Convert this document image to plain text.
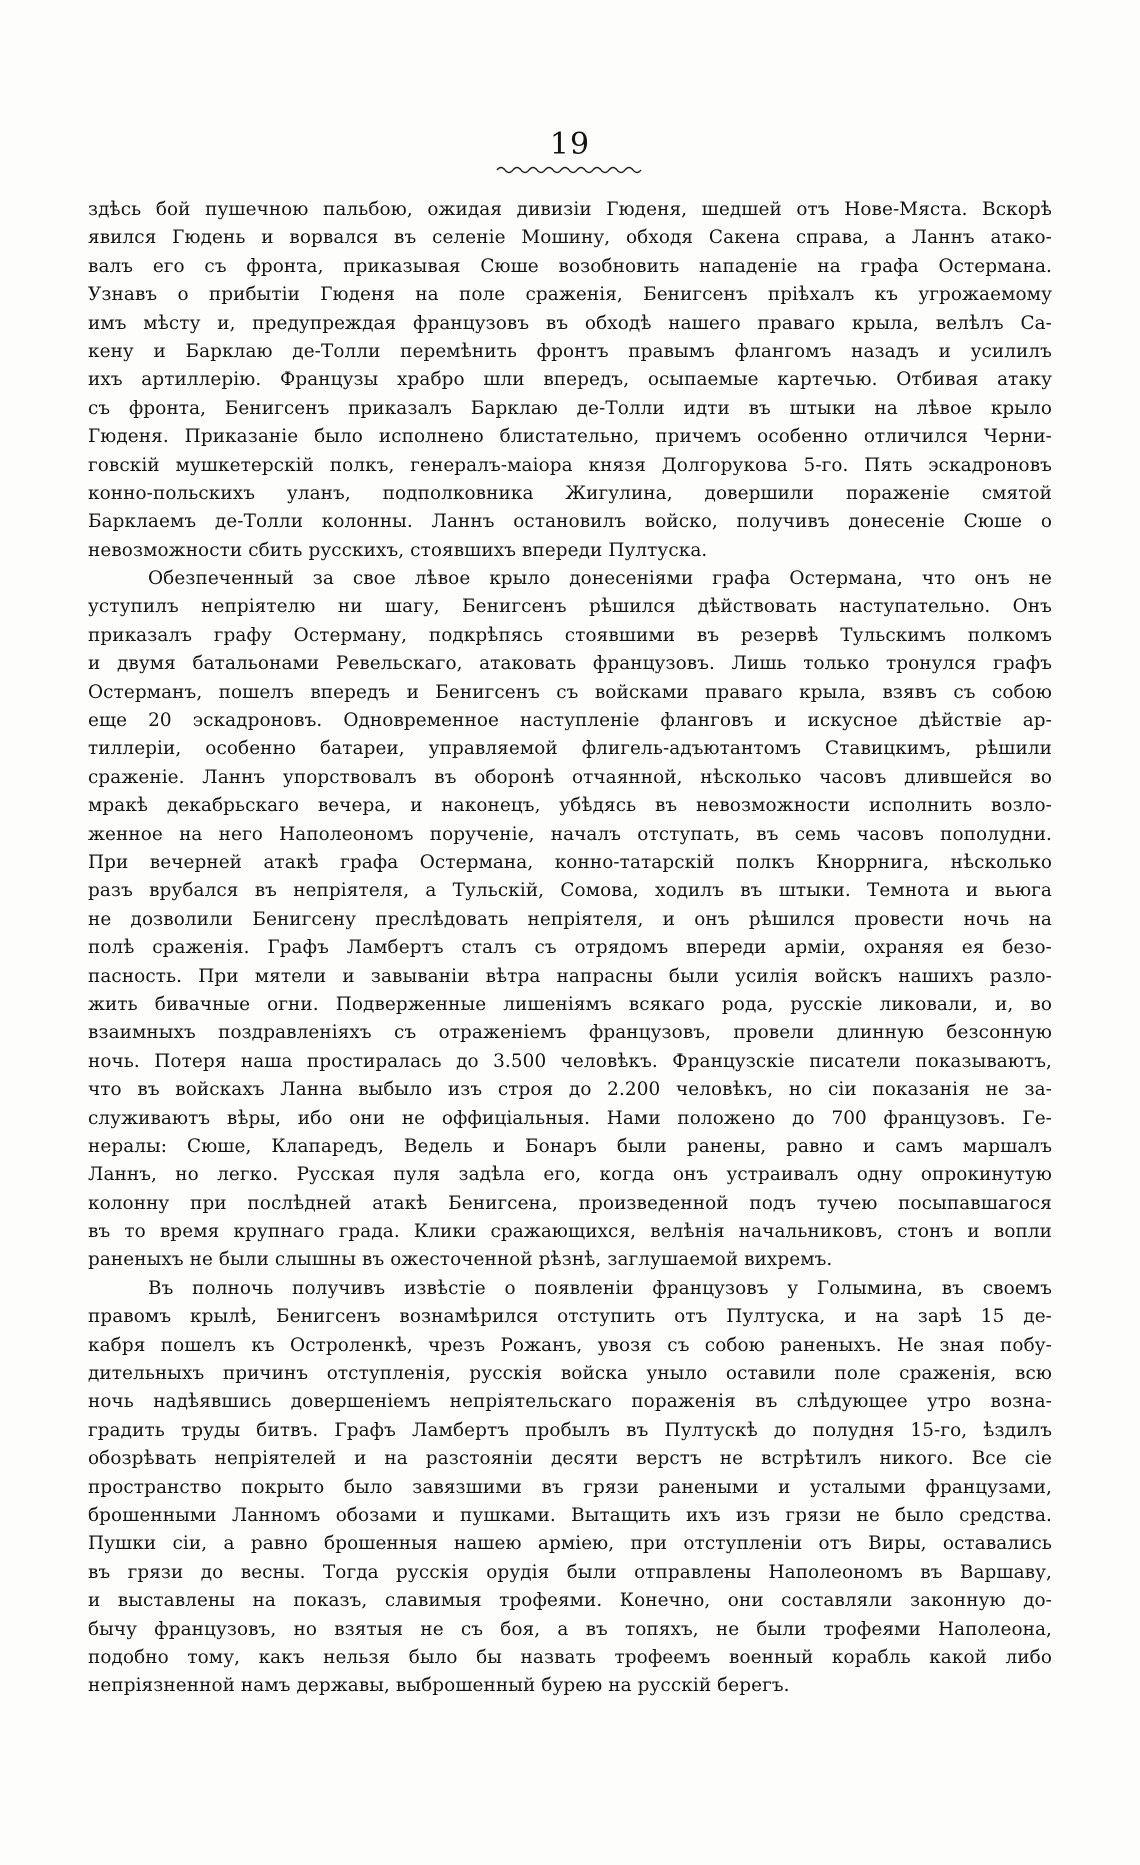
19
здѣсь бой пушечною пальбою, ожидая дивизіи Гюденя, шедшей отъ Нове-Мяста. Вскорѣ
явился Гюдень и ворвался въ селеніе Мошину, обходя Сакена справа, а Ланнъ атако-
валъ его съ фронта, приказывая Сюше возобновить нападеніе на графа Остермана.
Узнавъ о прибытіи Гюденя на поле сраженія, Бенигсенъ пріѣхалъ къ угрожаемому
имъ мѣсту и, предупреждая французовъ въ обходѣ нашего праваго крыла, велѣлъ Са-
кену и Барклаю де-Толли перемѣнить фронтъ правымъ флангомъ назадъ и усилилъ
ихъ артиллерію. Французы храбро шли впередъ, осыпаемые картечью. Отбивая атаку
съ фронта, Бенигсенъ приказалъ Барклаю де-Толли идти въ штыки на лѣвое крыло
Гюденя. Приказаніе было исполнено блистательно, причемъ особенно отличился Черни-
говскій мушкетерскій полкъ, генералъ-маіора князя Долгорукова 5-го. Пять эскадроновъ
конно-польскихъ уланъ, подполковника Жигулина, довершили пораженіе смятой
Барклаемъ де-Толли колонны. Ланнъ остановилъ войско, получивъ донесеніе Сюше о
невозможности сбить русскихъ, стоявшихъ впереди Пултуска.
Обезпеченный за свое лѣвое крыло донесеніями графа Остермана, что онъ не
уступилъ непріятелю ни шагу, Бенигсенъ рѣшился дѣйствовать наступательно. Онъ
приказалъ графу Остерману, подкрѣпясь стоявшими въ резервѣ Тульскимъ полкомъ
и двумя батальонами Ревельскаго, атаковать французовъ. Лишь только тронулся графъ
Остерманъ, пошелъ впередъ и Бенигсенъ съ войсками праваго крыла, взявъ съ собою
еще 20 эскадроновъ. Одновременное наступленіе фланговъ и искусное дѣйствіе ар-
тиллеріи, особенно батареи, управляемой флигель-адъютантомъ Ставицкимъ, рѣшили
сраженіе. Ланнъ упорствовалъ въ оборонѣ отчаянной, нѣсколько часовъ длившейся во
мракѣ декабрьскаго вечера, и наконецъ, убѣдясь въ невозможности исполнить возло-
женное на него Наполеономъ порученіе, началъ отступать, въ семь часовъ пополудни.
При вечерней атакѣ графа Остермана, конно-татарскій полкъ Кноррнига, нѣсколько
разъ врубался въ непріятеля, а Тульскій, Сомова, ходилъ въ штыки. Темнота и вьюга
не дозволили Бенигсену преслѣдовать непріятеля, и онъ рѣшился провести ночь на
полѣ сраженія. Графъ Ламбертъ сталъ съ отрядомъ впереди арміи, охраняя ея безо-
пасность. При мятели и завываніи вѣтра напрасны были усилія войскъ нашихъ разло-
жить бивачные огни. Подверженные лишеніямъ всякаго рода, русскіе ликовали, и, во
взаимныхъ поздравленіяхъ съ отраженіемъ французовъ, провели длинную безсонную
ночь. Потеря наша простиралась до 3.500 человѣкъ. Французскіе писатели показываютъ,
что въ войскахъ Ланна выбыло изъ строя до 2.200 человѣкъ, но сіи показанія не за-
служиваютъ вѣры, ибо они не оффиціальныя. Нами положено до 700 французовъ. Ге-
нералы: Сюше, Клапаредъ, Ведель и Бонаръ были ранены, равно и самъ маршалъ
Ланнъ, но легко. Русская пуля задѣла его, когда онъ устраивалъ одну опрокинутую
колонну при послѣдней атакѣ Бенигсена, произведенной подъ тучею посыпавшагося
въ то время крупнаго града. Клики сражающихся, велѣнія начальниковъ, стонъ и вопли
раненыхъ не были слышны въ ожесточенной рѣзнѣ, заглушаемой вихремъ.
Въ полночь получивъ извѣстіе о появленіи французовъ у Голымина, въ своемъ
правомъ крылѣ, Бенигсенъ вознамѣрился отступить отъ Пултуска, и на зарѣ 15 де-
кабря пошелъ къ Остроленкѣ, чрезъ Рожанъ, увозя съ собою раненыхъ. Не зная побу-
дительныхъ причинъ отступленія, русскія войска уныло оставили поле сраженія, всю
ночь надѣявшись довершеніемъ непріятельскаго пораженія въ слѣдующее утро возна-
градить труды битвъ. Графъ Ламбертъ пробылъ въ Пултускѣ до полудня 15-го, ѣздилъ
обозрѣвать непріятелей и на разстояніи десяти верстъ не встрѣтилъ никого. Все сіе
пространство покрыто было завязшими въ грязи ранеными и усталыми французами,
брошенными Ланномъ обозами и пушками. Вытащить ихъ изъ грязи не было средства.
Пушки сіи, а равно брошенныя нашею арміею, при отступленіи отъ Виры, оставались
въ грязи до весны. Тогда русскія орудія были отправлены Наполеономъ въ Варшаву,
и выставлены на показъ, славимыя трофеями. Конечно, они составляли законную до-
бычу французовъ, но взятыя не съ боя, а въ топяхъ, не были трофеями Наполеона,
подобно тому, какъ нельзя было бы назвать трофеемъ военный корабль какой либо
непріязненной намъ державы, выброшенный бурею на русскій берегъ.
